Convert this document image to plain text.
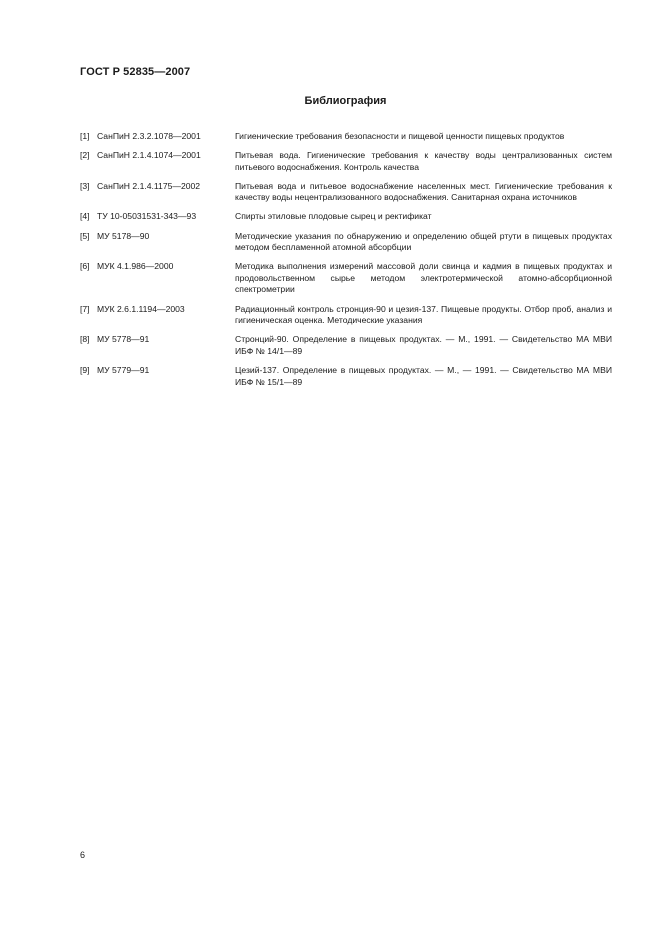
ГОСТ Р 52835—2007
Библиография
[1] СанПиН 2.3.2.1078—2001	Гигиенические требования безопасности и пищевой ценности пищевых продуктов
[2] СанПиН 2.1.4.1074—2001	Питьевая вода. Гигиенические требования к качеству воды централизованных систем питьевого водоснабжения. Контроль качества
[3] СанПиН 2.1.4.1175—2002	Питьевая вода и питьевое водоснабжение населенных мест. Гигиенические требования к качеству воды нецентрализованного водоснабжения. Санитарная охрана источников
[4] ТУ 10-05031531-343—93	Спирты этиловые плодовые сырец и ректификат
[5] МУ 5178—90	Методические указания по обнаружению и определению общей ртути в пищевых продуктах методом беспламенной атомной абсорбции
[6] МУК 4.1.986—2000	Методика выполнения измерений массовой доли свинца и кадмия в пищевых продуктах и продовольственном сырье методом электротермической атомно-абсорбционной спектрометрии
[7] МУК 2.6.1.1194—2003	Радиационный контроль стронция-90 и цезия-137. Пищевые продукты. Отбор проб, анализ и гигиеническая оценка. Методические указания
[8] МУ 5778—91	Стронций-90. Определение в пищевых продуктах. — М., 1991. — Свидетельство МА МВИ ИБФ № 14/1—89
[9] МУ 5779—91	Цезий-137. Определение в пищевых продуктах. — М., — 1991. — Свидетельство МА МВИ ИБФ № 15/1—89
6
